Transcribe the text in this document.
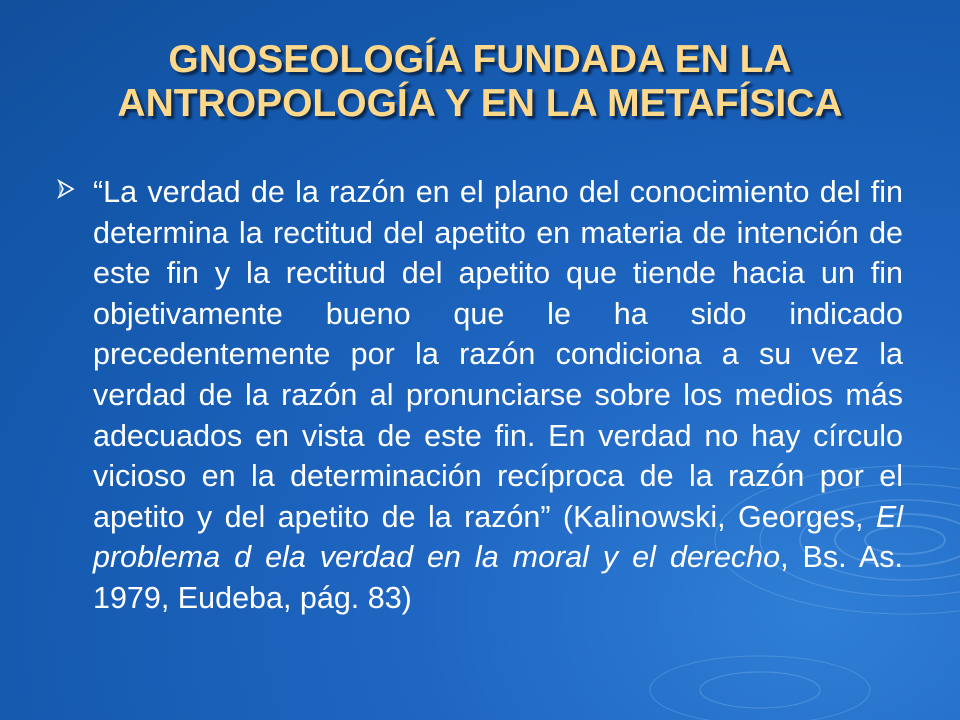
GNOSEOLOGÍA FUNDADA EN LA ANTROPOLOGÍA Y EN LA METAFÍSICA

“La verdad de la razón en el plano del conocimiento del fin determina la rectitud del apetito en materia de intención de este fin y la rectitud del apetito que tiende hacia un fin objetivamente bueno que le ha sido indicado precedentemente por la razón condiciona a su vez la verdad de la razón al pronunciarse sobre los medios más adecuados en vista de este fin. En verdad no hay círculo vicioso en la determinación recíproca de la razón por el apetito y del apetito de la razón” (Kalinowski, Georges, El problema d ela verdad en la moral y el derecho, Bs. As. 1979, Eudeba, pág. 83)
